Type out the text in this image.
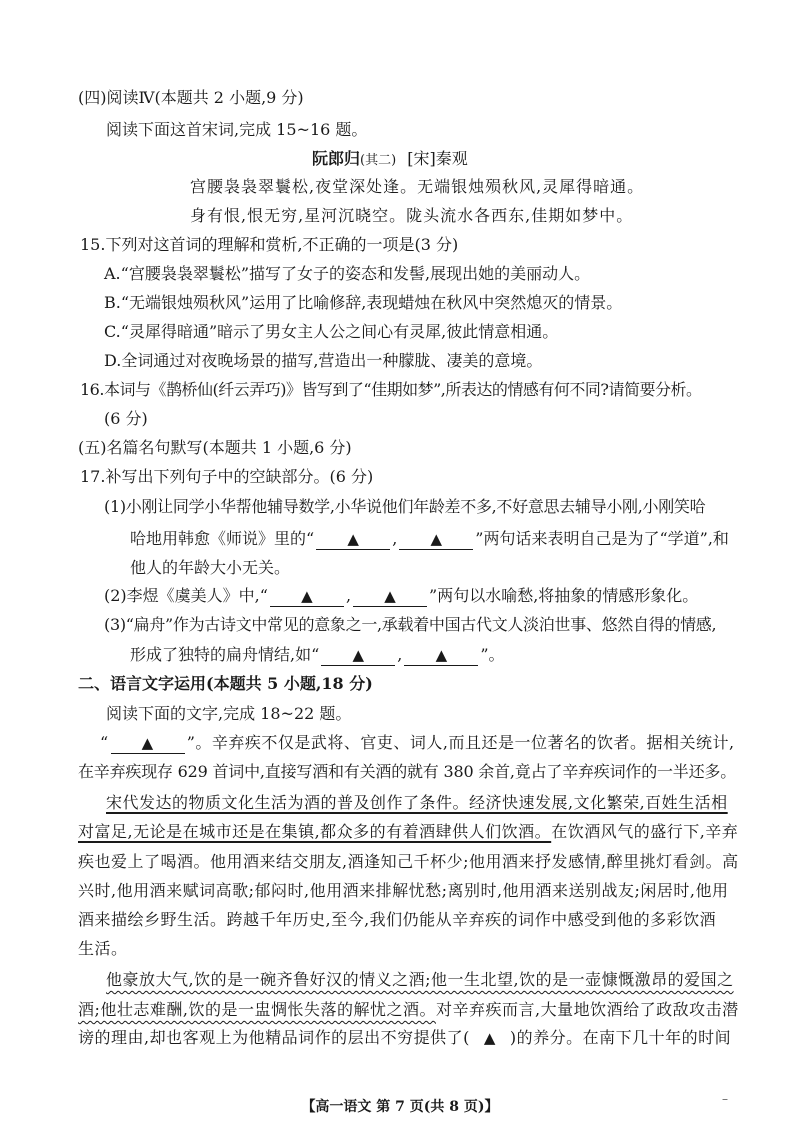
(四)阅读Ⅳ(本题共 2 小题,9 分)
阅读下面这首宋词,完成 15~16 题。
阮郎归(其二) [宋]秦观
宫腰袅袅翠鬟松,夜堂深处逢。无端银烛殒秋风,灵犀得暗通。
身有恨,恨无穷,星河沉晓空。陇头流水各西东,佳期如梦中。
15.下列对这首词的理解和赏析,不正确的一项是(3 分)
A.“宫腰袅袅翠鬟松”描写了女子的姿态和发髻,展现出她的美丽动人。
B.“无端银烛殒秋风”运用了比喻修辞,表现蜡烛在秋风中突然熄灭的情景。
C.“灵犀得暗通”暗示了男女主人公之间心有灵犀,彼此情意相通。
D.全词通过对夜晚场景的描写,营造出一种朦胧、凄美的意境。
16.本词与《鹊桥仙(纤云弄巧)》皆写到了“佳期如梦”,所表达的情感有何不同?请简要分析。
(6 分)
(五)名篇名句默写(本题共 1 小题,6 分)
17.补写出下列句子中的空缺部分。(6 分)
(1)小刚让同学小华帮他辅导数学,小华说他们年龄差不多,不好意思去辅导小刚,小刚笑哈
哈地用韩愈《师说》里的“ ▲ , ▲ ”两句话来表明自己是为了“学道”,和
他人的年龄大小无关。
(2)李煜《虞美人》中,“ ▲ , ▲ ”两句以水喻愁,将抽象的情感形象化。
(3)“扁舟”作为古诗文中常见的意象之一,承载着中国古代文人淡泊世事、悠然自得的情感,
形成了独特的扁舟情结,如“ ▲ , ▲ ”。
二、语言文字运用(本题共 5 小题,18 分)
阅读下面的文字,完成 18~22 题。
“ ▲ ”。辛弃疾不仅是武将、官吏、词人,而且还是一位著名的饮者。据相关统计,
在辛弃疾现存 629 首词中,直接写酒和有关酒的就有 380 余首,竟占了辛弃疾词作的一半还多。
宋代发达的物质文化生活为酒的普及创作了条件。经济快速发展,文化繁荣,百姓生活相
对富足,无论是在城市还是在集镇,都众多的有着酒肆供人们饮酒。在饮酒风气的盛行下,辛弃
疾也爱上了喝酒。他用酒来结交朋友,酒逢知己千杯少;他用酒来抒发感情,醉里挑灯看剑。高
兴时,他用酒来赋词高歌;郁闷时,他用酒来排解忧愁;离别时,他用酒来送别战友;闲居时,他用
酒来描绘乡野生活。跨越千年历史,至今,我们仍能从辛弃疾的词作中感受到他的多彩饮酒
生活。
他豪放大气,饮的是一碗齐鲁好汉的情义之酒;他一生北望,饮的是一壶慷慨激昂的爱国之
酒;他壮志难酬,饮的是一盅惆怅失落的解忧之酒。对辛弃疾而言,大量地饮酒给了政敌攻击潜
谤的理由,却也客观上为他精品词作的层出不穷提供了( ▲ )的养分。在南下几十年的时间
【高一语文 第 7 页(共 8 页)】	–
